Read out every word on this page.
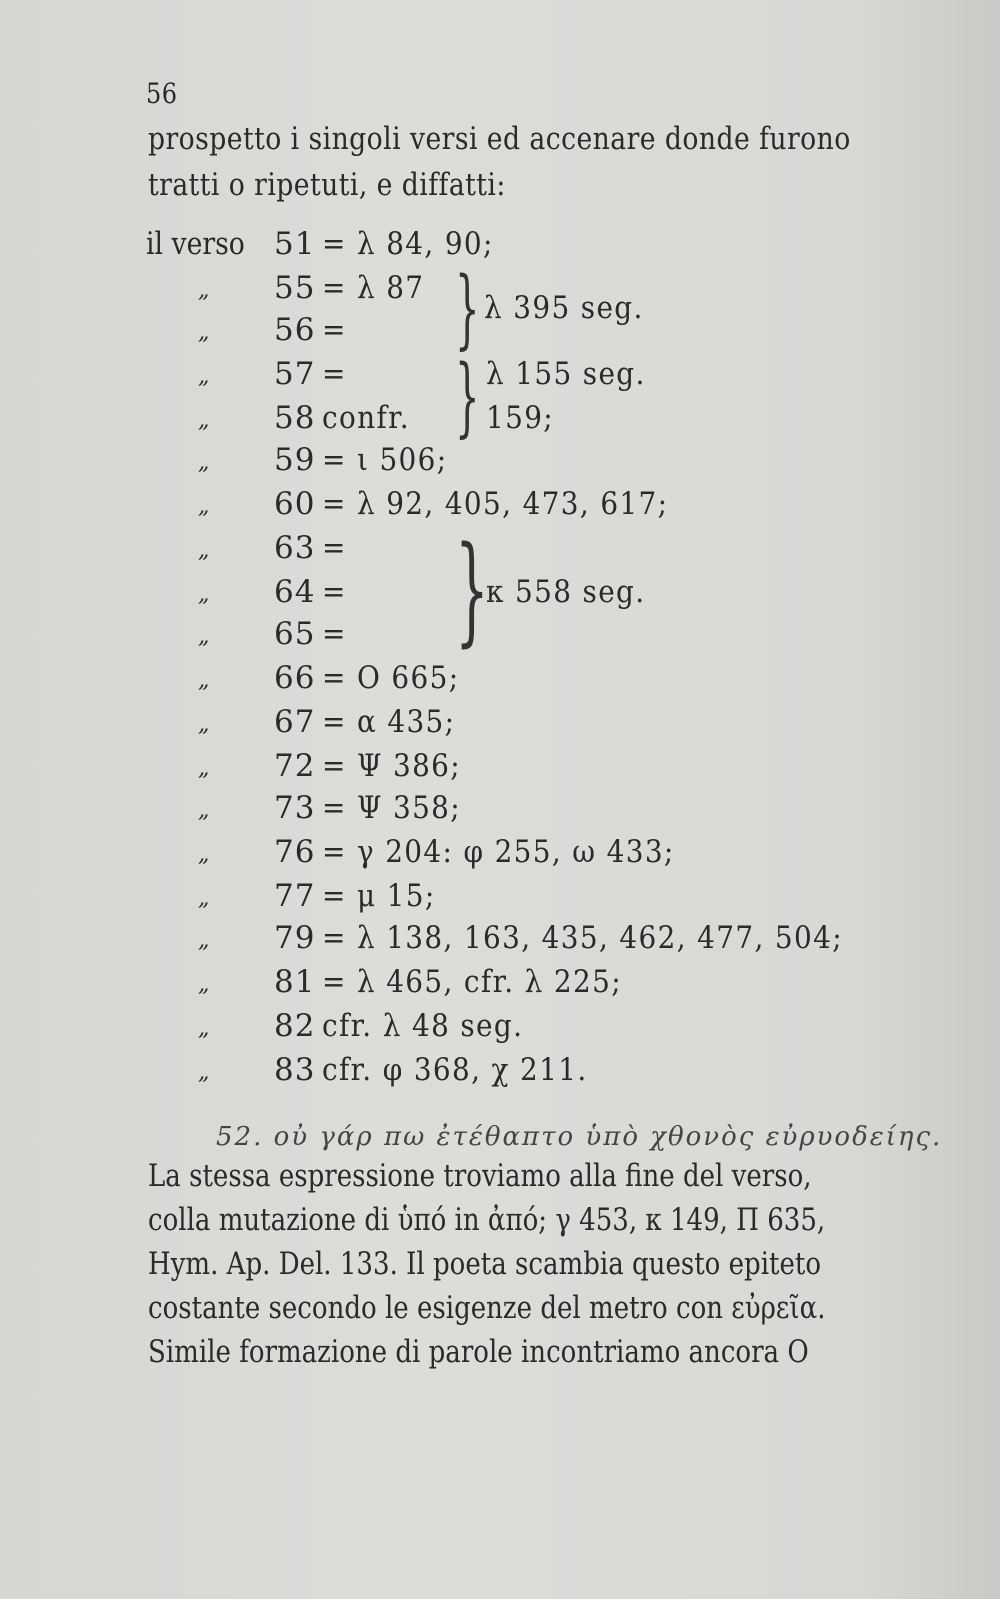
56
prospetto i singoli versi ed accenare donde furono
tratti o ripetuti, e diffatti:
il verso 51 = λ 84, 90;
„ 55 = λ 87
„ 56 =
„ 57 =
„ 58 confr.
„ 59 = ι 506;
„ 60 = λ 92, 405, 473, 617;
„ 63 =
„ 64 =
„ 65 =
„ 66 = O 665;
„ 67 = α 435;
„ 72 = Ψ 386;
„ 73 = Ψ 358;
„ 76 = γ 204: φ 255, ω 433;
„ 77 = μ 15;
„ 79 = λ 138, 163, 435, 462, 477, 504;
„ 81 = λ 465, cfr. λ 225;
„ 82 cfr. λ 48 seg.
„ 83 cfr. φ 368, χ 211.
} λ 395 seg.
} λ 155 seg.
159;
}
κ 558 seg.
52. οὐ γάρ πω ἐτέθαπτο ὑπὸ χθονὸς εὐρυοδείης.
La stessa espressione troviamo alla fine del verso,
colla mutazione di ὑπό in ἀπό; γ 453, κ 149, Π 635,
Hym. Ap. Del. 133. Il poeta scambia questo epiteto
costante secondo le esigenze del metro con εὐρεῖα.
Simile formazione di parole incontriamo ancora O
